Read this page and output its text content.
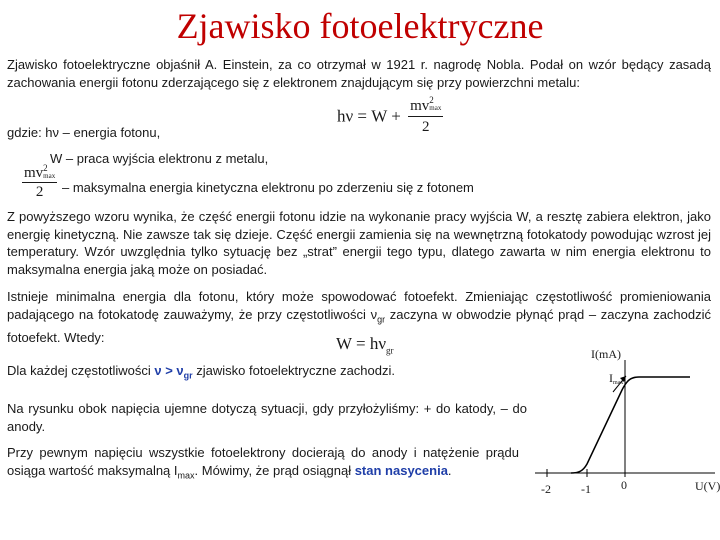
Zjawisko fotoelektryczne
Zjawisko fotoelektryczne objaśnił A. Einstein, za co otrzymał w 1921 r. nagrodę Nobla. Podał on wzór będący zasadą zachowania energii fotonu zderzającego się z elektronem znajdującym się przy powierzchni metalu:
hν = W + mv 2
max
2
gdzie: hν – energia fotonu,
W – praca wyjścia elektronu z metalu,
mv 2
max
2 – maksymalna energia kinetyczna elektronu po zderzeniu się z fotonem
Z powyższego wzoru wynika, że część energii fotonu idzie na wykonanie pracy wyjścia W, a resztę zabiera elektron, jako energię kinetyczną. Nie zawsze tak się dzieje. Część energii zamienia się na wewnętrzną fotokatody powodując wzrost jej temperatury. Wzór uwzględnia tylko sytuację bez „strat” energii tego typu, dlatego zawarta w nim energia elektronu to maksymalna energia jaką może on posiadać.
Istnieje minimalna energia dla fotonu, który może spowodować fotoefekt. Zmieniając częstotliwość promieniowania padającego na fotokatodę zauważymy, że przy częstotliwości $\nu_{gr}$ zaczyna w obwodzie płynąć prąd – zaczyna zachodzić fotoefekt. Wtedy:	$W = h\nu_{gr}$
Dla każdej częstotliwości $\nu > \nu_{gr}$ zjawisko fotoelektryczne zachodzi.
Na rysunku obok napięcia ujemne dotyczą sytuacji, gdy przyłożyliśmy: + do katody, – do anody.
Przy pewnym napięciu wszystkie fotoelektrony docierają do anody i natężenie prądu osiąga wartość maksymalną $I_{max}$. Mówimy, że prąd osiągnął stan nasycenia.
I(mA)
Imax
U(V)
-2	-1	0
